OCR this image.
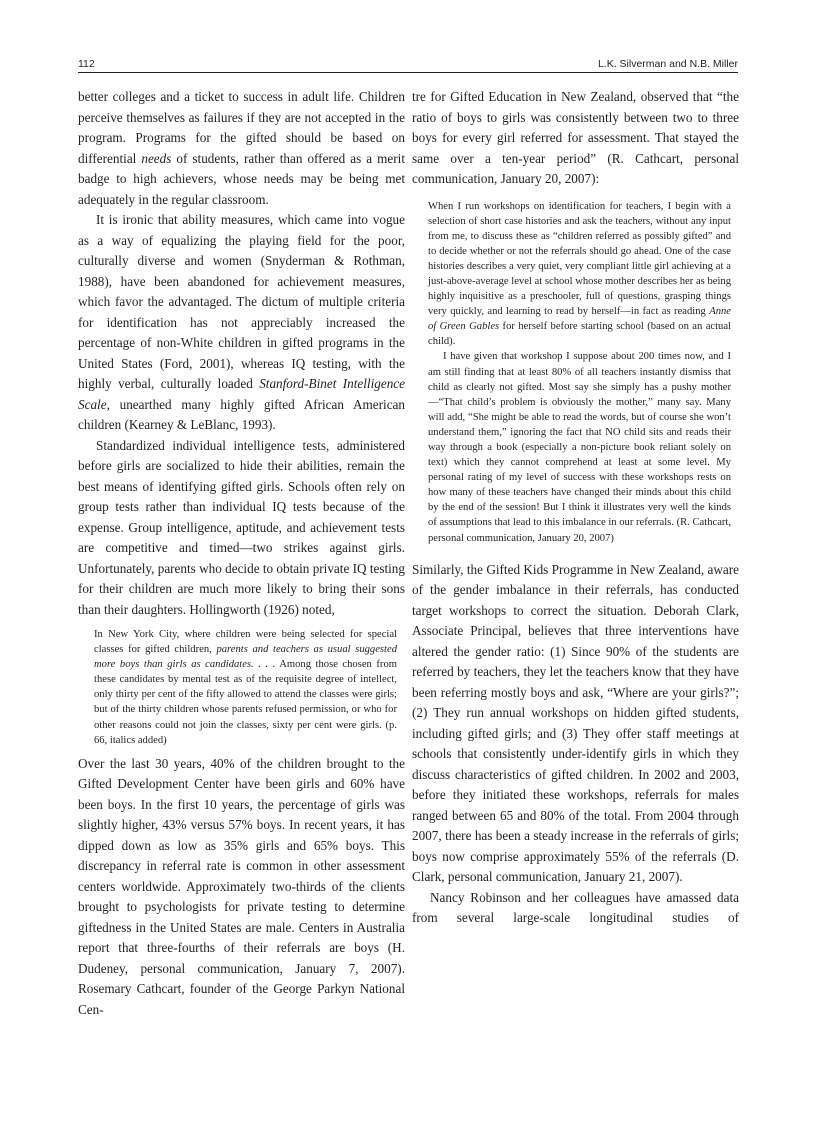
112	L.K. Silverman and N.B. Miller

better colleges and a ticket to success in adult life. Children perceive themselves as failures if they are not accepted in the program. Programs for the gifted should be based on differential needs of students, rather than offered as a merit badge to high achievers, whose needs may be being met adequately in the regular classroom.

It is ironic that ability measures, which came into vogue as a way of equalizing the playing field for the poor, culturally diverse and women (Snyderman & Rothman, 1988), have been abandoned for achievement measures, which favor the advantaged. The dictum of multiple criteria for identification has not appreciably increased the percentage of non-White children in gifted programs in the United States (Ford, 2001), whereas IQ testing, with the highly verbal, culturally loaded Stanford-Binet Intelligence Scale, unearthed many highly gifted African American children (Kearney & LeBlanc, 1993).

Standardized individual intelligence tests, administered before girls are socialized to hide their abilities, remain the best means of identifying gifted girls. Schools often rely on group tests rather than individual IQ tests because of the expense. Group intelligence, aptitude, and achievement tests are competitive and timed—two strikes against girls. Unfortunately, parents who decide to obtain private IQ testing for their children are much more likely to bring their sons than their daughters. Hollingworth (1926) noted,

In New York City, where children were being selected for special classes for gifted children, parents and teachers as usual suggested more boys than girls as candidates. . . . Among those chosen from these candidates by mental test as of the requisite degree of intellect, only thirty per cent of the fifty allowed to attend the classes were girls; but of the thirty children whose parents refused permission, or who for other reasons could not join the classes, sixty per cent were girls. (p. 66, italics added)

Over the last 30 years, 40% of the children brought to the Gifted Development Center have been girls and 60% have been boys. In the first 10 years, the percentage of girls was slightly higher, 43% versus 57% boys. In recent years, it has dipped down as low as 35% girls and 65% boys. This discrepancy in referral rate is common in other assessment centers worldwide. Approximately two-thirds of the clients brought to psychologists for private testing to determine giftedness in the United States are male. Centers in Australia report that three-fourths of their referrals are boys (H. Dudeney, personal communication, January 7, 2007). Rosemary Cathcart, founder of the George Parkyn National Cen-

tre for Gifted Education in New Zealand, observed that “the ratio of boys to girls was consistently between two to three boys for every girl referred for assessment. That stayed the same over a ten-year period” (R. Cathcart, personal communication, January 20, 2007):

When I run workshops on identification for teachers, I begin with a selection of short case histories and ask the teachers, without any input from me, to discuss these as “children referred as possibly gifted” and to decide whether or not the referrals should go ahead. One of the case histories describes a very quiet, very compliant little girl achieving at a just-above-average level at school whose mother describes her as being highly inquisitive as a preschooler, full of questions, grasping things very quickly, and learning to read by herself—in fact as reading Anne of Green Gables for herself before starting school (based on an actual child).

I have given that workshop I suppose about 200 times now, and I am still finding that at least 80% of all teachers instantly dismiss that child as clearly not gifted. Most say she simply has a pushy mother—“That child’s problem is obviously the mother,” many say. Many will add, “She might be able to read the words, but of course she won’t understand them,” ignoring the fact that NO child sits and reads their way through a book (especially a non-picture book reliant solely on text) which they cannot comprehend at least at some level. My personal rating of my level of success with these workshops rests on how many of these teachers have changed their minds about this child by the end of the session! But I think it illustrates very well the kinds of assumptions that lead to this imbalance in our referrals. (R. Cathcart, personal communication, January 20, 2007)

Similarly, the Gifted Kids Programme in New Zealand, aware of the gender imbalance in their referrals, has conducted target workshops to correct the situation. Deborah Clark, Associate Principal, believes that three interventions have altered the gender ratio: (1) Since 90% of the students are referred by teachers, they let the teachers know that they have been referring mostly boys and ask, “Where are your girls?”; (2) They run annual workshops on hidden gifted students, including gifted girls; and (3) They offer staff meetings at schools that consistently under-identify girls in which they discuss characteristics of gifted children. In 2002 and 2003, before they initiated these workshops, referrals for males ranged between 65 and 80% of the total. From 2004 through 2007, there has been a steady increase in the referrals of girls; boys now comprise approximately 55% of the referrals (D. Clark, personal communication, January 21, 2007).

Nancy Robinson and her colleagues have amassed data from several large-scale longitudinal studies of
